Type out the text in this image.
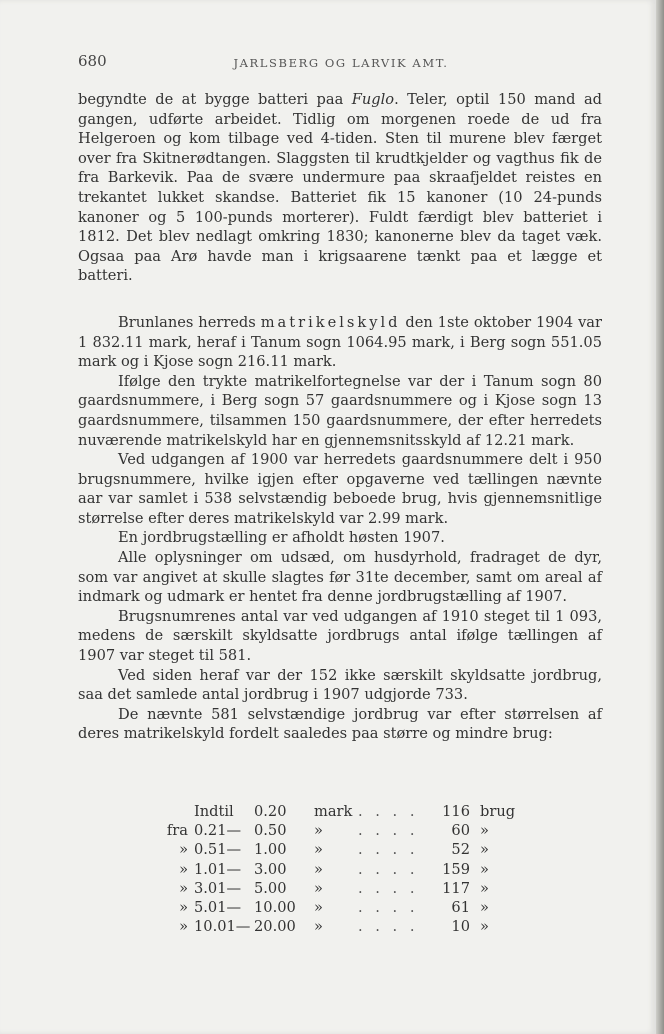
680	JARLSBERG OG LARVIK AMT.

begyndte de at bygge batteri paa Fuglo. Teler, optil 150 mand ad gangen, udførte arbeidet. Tidlig om morgenen roede de ud fra Helgeroen og kom tilbage ved 4-tiden. Sten til murene blev færget over fra Skitnerødtangen. Slaggsten til krudtkjelder og vagthus fik de fra Barkevik. Paa de svære undermure paa skraafjeldet reistes en trekantet lukket skandse. Batteriet fik 15 kanoner (10 24-punds kanoner og 5 100-punds morterer). Fuldt færdigt blev batteriet i 1812. Det blev nedlagt omkring 1830; kanonerne blev da taget væk. Ogsaa paa Arø havde man i krigsaarene tænkt paa et lægge et batteri.

Brunlanes herreds matrikelskyld den 1ste oktober 1904 var 1 832.11 mark, heraf i Tanum sogn 1064.95 mark, i Berg sogn 551.05 mark og i Kjose sogn 216.11 mark.

Ifølge den trykte matrikelfortegnelse var der i Tanum sogn 80 gaardsnummere, i Berg sogn 57 gaardsnummere og i Kjose sogn 13 gaardsnummere, tilsammen 150 gaardsnummere, der efter herredets nuværende matrikelskyld har en gjennemsnitsskyld af 12.21 mark.

Ved udgangen af 1900 var herredets gaardsnummere delt i 950 brugsnummere, hvilke igjen efter opgaverne ved tællingen nævnte aar var samlet i 538 selvstændig beboede brug, hvis gjennemsnitlige størrelse efter deres matrikelskyld var 2.99 mark.

En jordbrugstælling er afholdt høsten 1907.

Alle oplysninger om udsæd, om husdyrhold, fradraget de dyr, som var angivet at skulle slagtes før 31te december, samt om areal af indmark og udmark er hentet fra denne jordbrugstælling af 1907.

Brugsnumrenes antal var ved udgangen af 1910 steget til 1 093, medens de særskilt skyldsatte jordbrugs antal ifølge tællingen af 1907 var steget til 581.

Ved siden heraf var der 152 ikke særskilt skyldsatte jordbrug, saa det samlede antal jordbrug i 1907 udgjorde 733.

De nævnte 581 selvstændige jordbrug var efter størrelsen af deres matrikelskyld fordelt saaledes paa større og mindre brug:

	Indtil	0.20	mark	. . . .	116	brug
fra	0.21—	0.50	»	. . . .	60	»
»	0.51—	1.00	»	. . . .	52	»
»	1.01—	3.00	»	. . . .	159	»
»	3.01—	5.00	»	. . . .	117	»
»	5.01—	10.00	»	. . . .	61	»
»	10.01—	20.00	»	. . . .	10	»
